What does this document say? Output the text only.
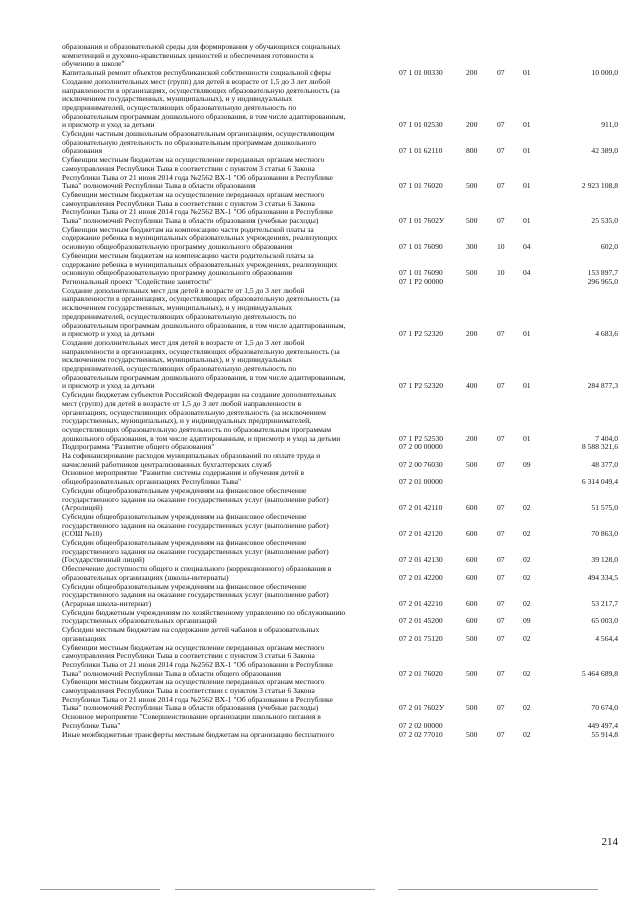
образования и образовательной среды для формирования у обучающихся социальных
компетенций и духовно-нравственных ценностей и обеспечения готовности к
обучению в школе"
Капитальный ремонт объектов республиканской собственности социальной сферы	07 1 01 00330	200	07 01	10 000,0
Создание дополнительных мест (групп) для детей в возрасте от 1,5 до 3 лет любой
направленности в организациях, осуществляющих образовательную деятельность (за
исключением государственных, муниципальных), и у индивидуальных
предпринимателей, осуществляющих образовательную деятельность по
образовательным программам дошкольного образования, в том числе адаптированным,
и присмотр и уход за детьми	07 1 01 02530	200	07 01	911,0
Субсидии частным дошкольным образовательным организациям, осуществляющим
образовательную деятельность по образовательным программам дошкольного
образования	07 1 01 62110	800	07 01	42 389,0
Субвенции местным бюджетам на осуществление переданных органам местного
самоуправления Республики Тыва в соответствии с пунктом 3 статьи 6 Закона
Республики Тыва от 21 июня 2014 года №2562 ВХ-1 "Об образовании в Республике
Тыва" полномочий Республики Тыва в области образования	07 1 01 76020	500	07 01	2 923 108,8
Субвенции местным бюджетам на осуществление переданных органам местного
самоуправления Республики Тыва в соответствии с пунктом 3 статьи 6 Закона
Республики Тыва от 21 июня 2014 года №2562 ВХ-1 "Об образовании в Республике
Тыва" полномочий Республики Тыва в области образования (учебные расходы)	07 1 01 7602У	500	07 01	25 535,0
Субвенции местным бюджетам на компенсацию части родительской платы за
содержание ребенка в муниципальных образовательных учреждениях, реализующих
основную общеобразовательную программу дошкольного образования	07 1 01 76090	300	10 04	602,0
Субвенции местным бюджетам на компенсацию части родительской платы за
содержание ребенка в муниципальных образовательных учреждениях, реализующих
основную общеобразовательную программу дошкольного образования	07 1 01 76090	500	10 04	153 897,7
Региональный проект "Содействие занятости"	07 1 P2 00000	296 965,0
Создание дополнительных мест для детей в возрасте от 1,5 до 3 лет любой
направленности в организациях, осуществляющих образовательную деятельность (за
исключением государственных, муниципальных), и у индивидуальных
предпринимателей, осуществляющих образовательную деятельность по
образовательным программам дошкольного образования, в том числе адаптированным,
и присмотр и уход за детьми	07 1 P2 52320	200	07 01	4 683,6
Создание дополнительных мест для детей в возрасте от 1,5 до 3 лет любой
направленности в организациях, осуществляющих образовательную деятельность (за
исключением государственных, муниципальных), и у индивидуальных
предпринимателей, осуществляющих образовательную деятельность по
образовательным программам дошкольного образования, в том числе адаптированным,
и присмотр и уход за детьми	07 1 P2 52320	400	07 01	284 877,3
Субсидии бюджетам субъектов Российской Федерации на создание дополнительных
мест (групп) для детей в возрасте от 1,5 до 3 лет любой направленности в
организациях, осуществляющих образовательную деятельность (за исключением
государственных, муниципальных), и у индивидуальных предпринимателей,
осуществляющих образовательную деятельность по образовательным программам
дошкольного образования, в том числе адаптированным, и присмотр и уход за детьми	07 1 P2 52530	200	07 01	7 404,0
Подпрограмма "Развитие общего образования"	07 2 00 00000	8 588 321,6
На софинансирование расходов муниципальных образований по оплате труда и
начислений работников централизованных бухгалтерских служб	07 2 00 76030	500	07 09	48 377,0
Основное мероприятие "Развитие системы содержания и обучения детей в
общеобразовательных организациях Республики Тыва"	07 2 01 00000	6 314 049,4
Субсидии общеобразовательным учреждениям на финансовое обеспечение
государственного задания на оказание государственных услуг (выполнение работ)
(Агролицей)	07 2 01 42110	600	07 02	51 575,0
Субсидии общеобразовательным учреждениям на финансовое обеспечение
государственного задания на оказание государственных услуг (выполнение работ)
(СОШ №10)	07 2 01 42120	600	07 02	70 863,0
Субсидии общеобразовательным учреждениям на финансовое обеспечение
государственного задания на оказание государственных услуг (выполнение работ)
(Государственный лицей)	07 2 01 42130	600	07 02	39 128,0
Обеспечение доступности общего и специального (коррекционного) образования в
образовательных организациях (школы-интернаты)	07 2 01 42200	600	07 02	494 334,5
Субсидии общеобразовательным учреждениям на финансовое обеспечение
государственного задания на оказание государственных услуг (выполнение работ)
(Аграрная школа-интернат)	07 2 01 42210	600	07 02	53 217,7
Субсидии бюджетным учреждениям по хозяйственному управлению по обслуживанию
государственных образовательных организаций	07 2 01 45200	600	07 09	65 003,0
Субсидии местным бюджетам на содержание детей чабанов в образовательных
организациях	07 2 01 75120	500	07 02	4 564,4
Субвенции местным бюджетам на осуществление переданных органам местного
самоуправления Республики Тыва в соответствии с пунктом 3 статьи 6 Закона
Республики Тыва от 21 июня 2014 года №2562 ВХ-1 "Об образовании в Республике
Тыва" полномочий Республики Тыва в области общего образования	07 2 01 76020	500	07 02	5 464 689,8
Субвенции местным бюджетам на осуществление переданных органам местного
самоуправления Республики Тыва в соответствии с пунктом 3 статьи 6 Закона
Республики Тыва от 21 июня 2014 года №2562 ВХ-1 "Об образовании в Республике
Тыва" полномочий Республики Тыва в области образования (учебные расходы)	07 2 01 7602У	500	07 02	70 674,0
Основное мероприятие "Совершенствование организации школьного питания в
Республике Тыва"	07 2 02 00000	449 497,4
Иные межбюджетные трансферты местным бюджетам на организацию бесплатного	07 2 02 77010	500	07 02	55 914,8
214
